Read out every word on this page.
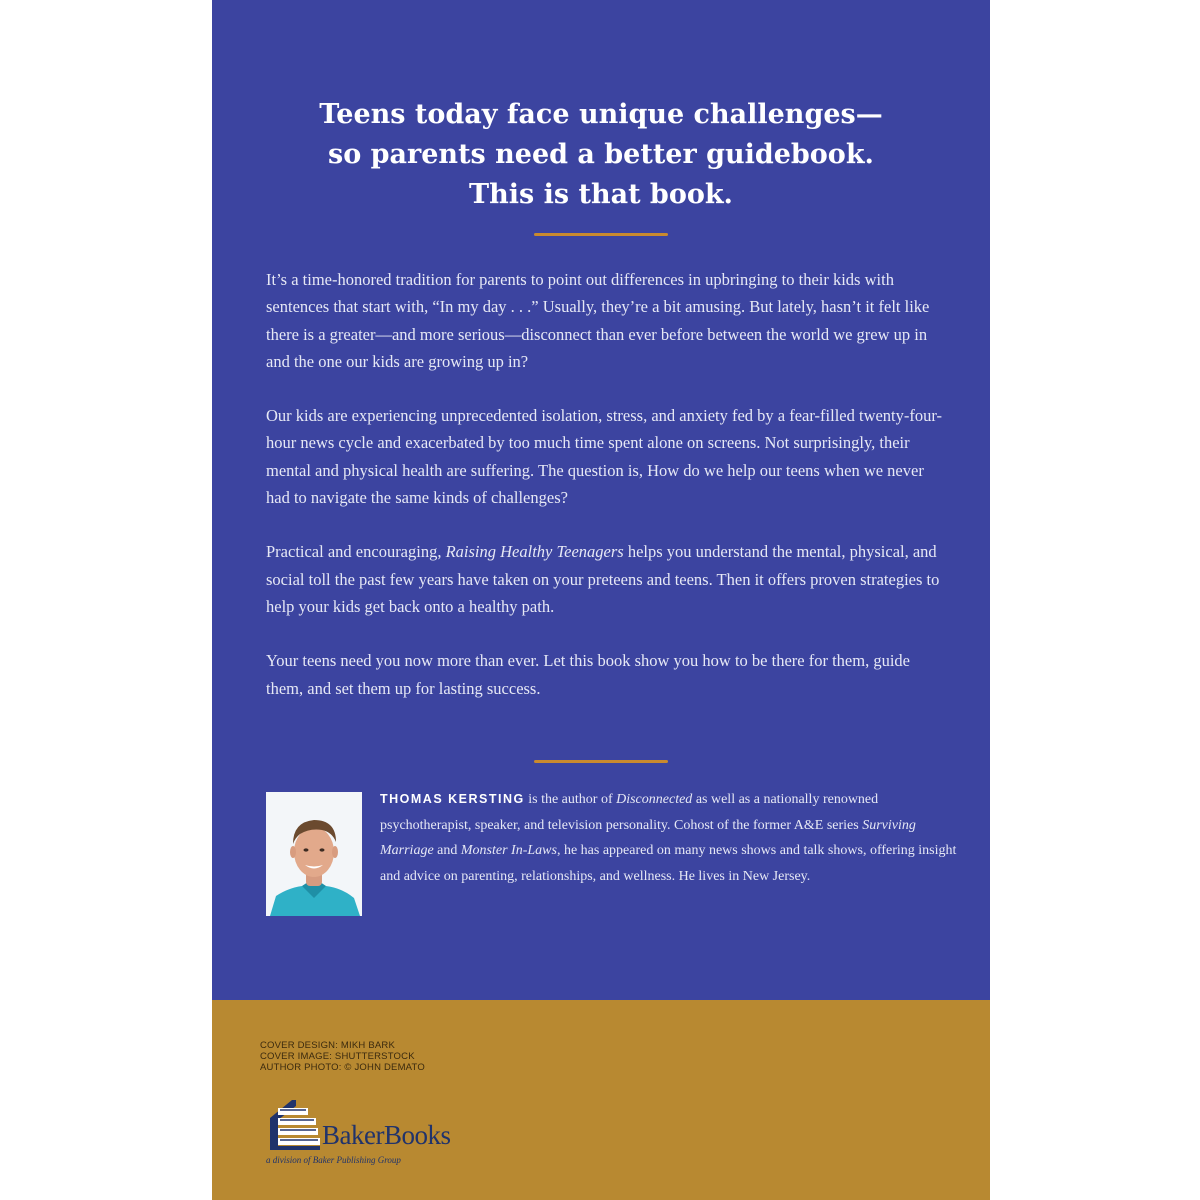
Teens today face unique challenges—
so parents need a better guidebook.
This is that book.

It’s a time-honored tradition for parents to point out differences in upbringing to their kids with sentences that start with, “In my day . . .” Usually, they’re a bit amusing. But lately, hasn’t it felt like there is a greater—and more serious—disconnect than ever before between the world we grew up in and the one our kids are growing up in?

Our kids are experiencing unprecedented isolation, stress, and anxiety fed by a fear-filled twenty-four-hour news cycle and exacerbated by too much time spent alone on screens. Not surprisingly, their mental and physical health are suffering. The question is, How do we help our teens when we never had to navigate the same kinds of challenges?

Practical and encouraging, Raising Healthy Teenagers helps you understand the mental, physical, and social toll the past few years have taken on your preteens and teens. Then it offers proven strategies to help your kids get back onto a healthy path.

Your teens need you now more than ever. Let this book show you how to be there for them, guide them, and set them up for lasting success.

THOMAS KERSTING is the author of Disconnected as well as a nationally renowned psychotherapist, speaker, and television personality. Cohost of the former A&E series Surviving Marriage and Monster In-Laws, he has appeared on many news shows and talk shows, offering insight and advice on parenting, relationships, and wellness. He lives in New Jersey.
COVER DESIGN: MIKH BARK
COVER IMAGE: SHUTTERSTOCK
AUTHOR PHOTO: © JOHN DEMATO
BakerBooks
a division of Baker Publishing Group
